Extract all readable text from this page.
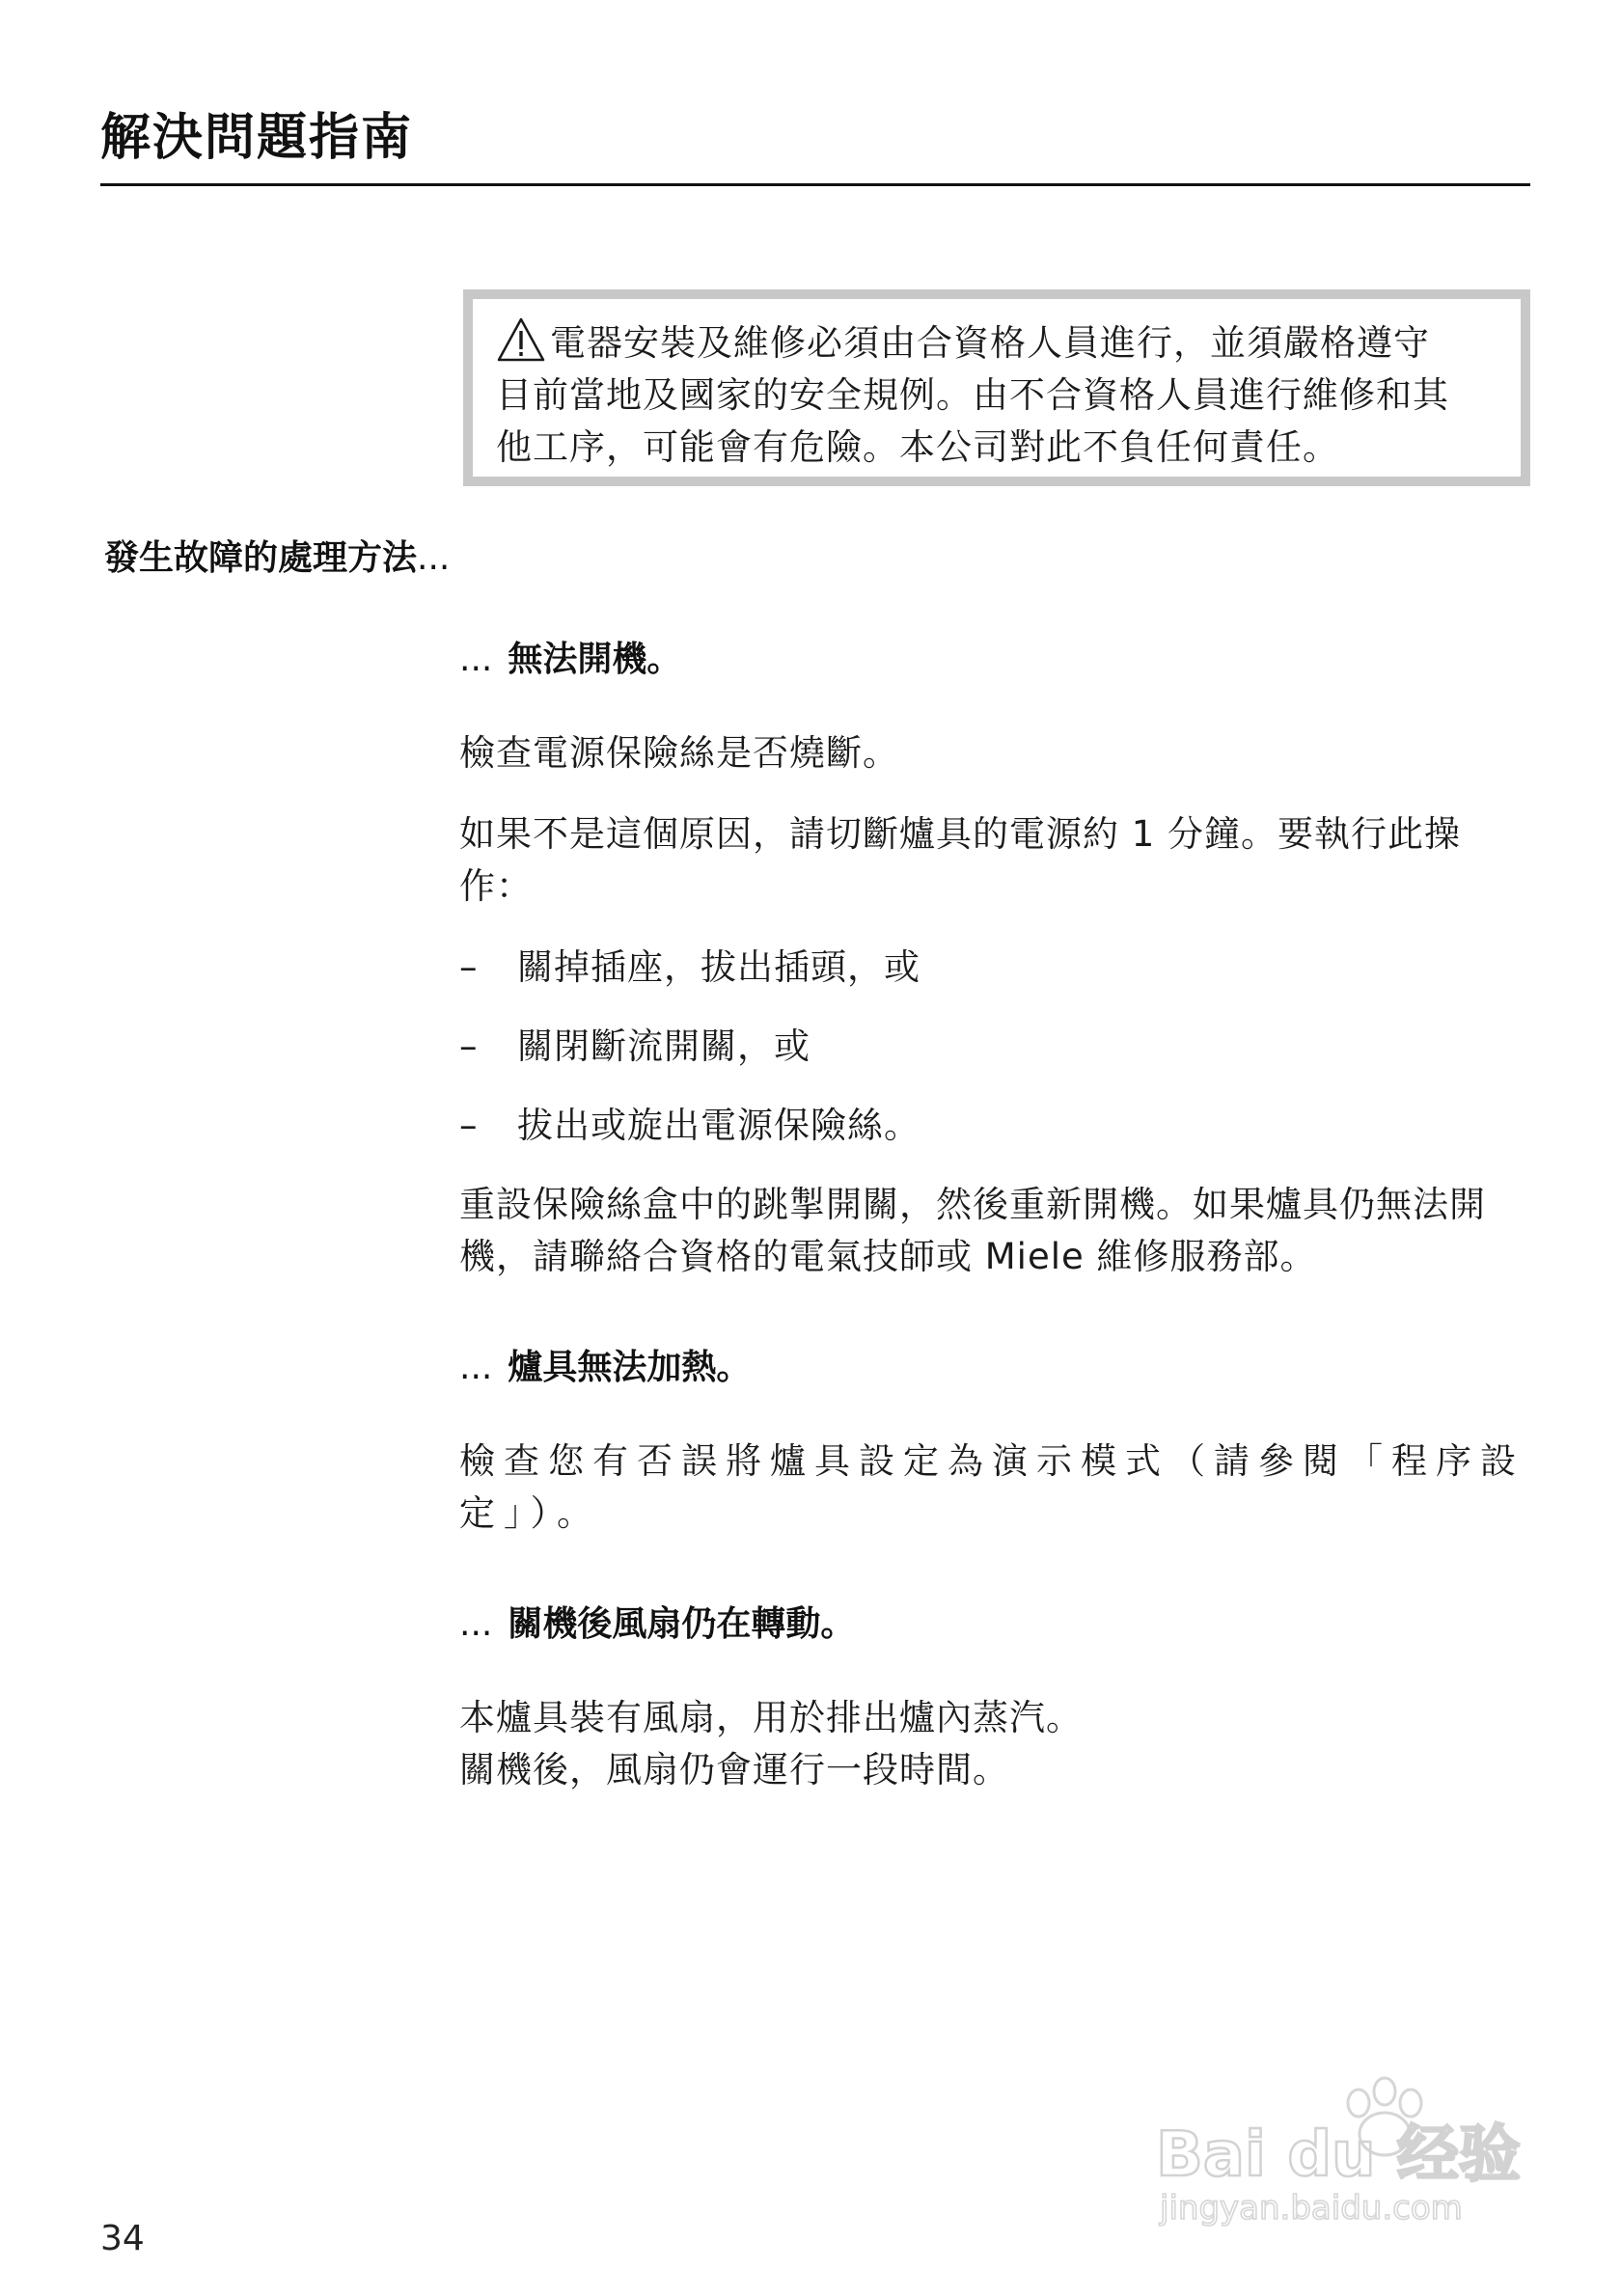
解決問題指南
電器安裝及維修必須由合資格人員進行，並須嚴格遵守
目前當地及國家的安全規例。由不合資格人員進行維修和其
他工序，可能會有危險。本公司對此不負任何責任。
發生故障的處理方法...
... 無法開機。

檢查電源保險絲是否燒斷。

如果不是這個原因，請切斷爐具的電源約 1 分鐘。要執行此操作：

–	關掉插座，拔出插頭，或
–	關閉斷流開關，或
–	拔出或旋出電源保險絲。

重設保險絲盒中的跳掣開關，然後重新開機。如果爐具仍無法開機，請聯絡合資格的電氣技師或 Miele 維修服務部。

... 爐具無法加熱。

檢查您有否誤將爐具設定為演示模式（請參閱「程序設定」）。

... 關機後風扇仍在轉動。

本爐具裝有風扇，用於排出爐內蒸汽。

關機後，風扇仍會運行一段時間。

34
Bai du 经验
jingyan.baidu.com
